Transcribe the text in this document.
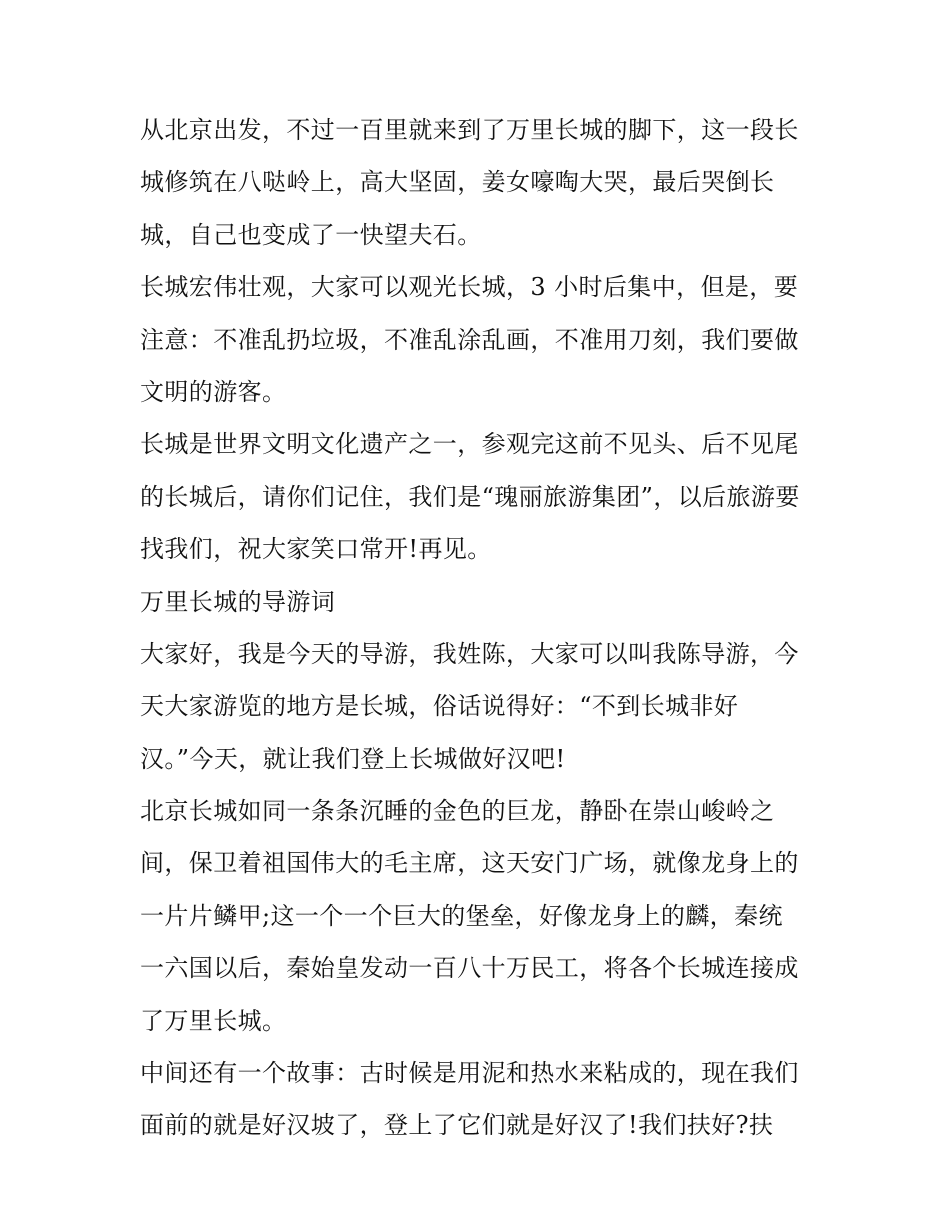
从北京出发，不过一百里就来到了万里长城的脚下，这一段长
城修筑在八哒岭上，高大坚固，姜女嚎啕大哭，最后哭倒长
城，自己也变成了一快望夫石。
长城宏伟壮观，大家可以观光长城，3 小时后集中，但是，要
注意：不准乱扔垃圾，不准乱涂乱画，不准用刀刻，我们要做
文明的游客。
长城是世界文明文化遗产之一，参观完这前不见头、后不见尾
的长城后，请你们记住，我们是“瑰丽旅游集团”，以后旅游要
找我们，祝大家笑口常开!再见。
万里长城的导游词
大家好，我是今天的导游，我姓陈，大家可以叫我陈导游，今
天大家游览的地方是长城，俗话说得好：“不到长城非好
汉。”今天，就让我们登上长城做好汉吧!
北京长城如同一条条沉睡的金色的巨龙，静卧在崇山峻岭之
间，保卫着祖国伟大的毛主席，这天安门广场，就像龙身上的
一片片鳞甲;这一个一个巨大的堡垒，好像龙身上的麟，秦统
一六国以后，秦始皇发动一百八十万民工，将各个长城连接成
了万里长城。
中间还有一个故事：古时候是用泥和热水来粘成的，现在我们
面前的就是好汉坡了，登上了它们就是好汉了!我们扶好?扶
